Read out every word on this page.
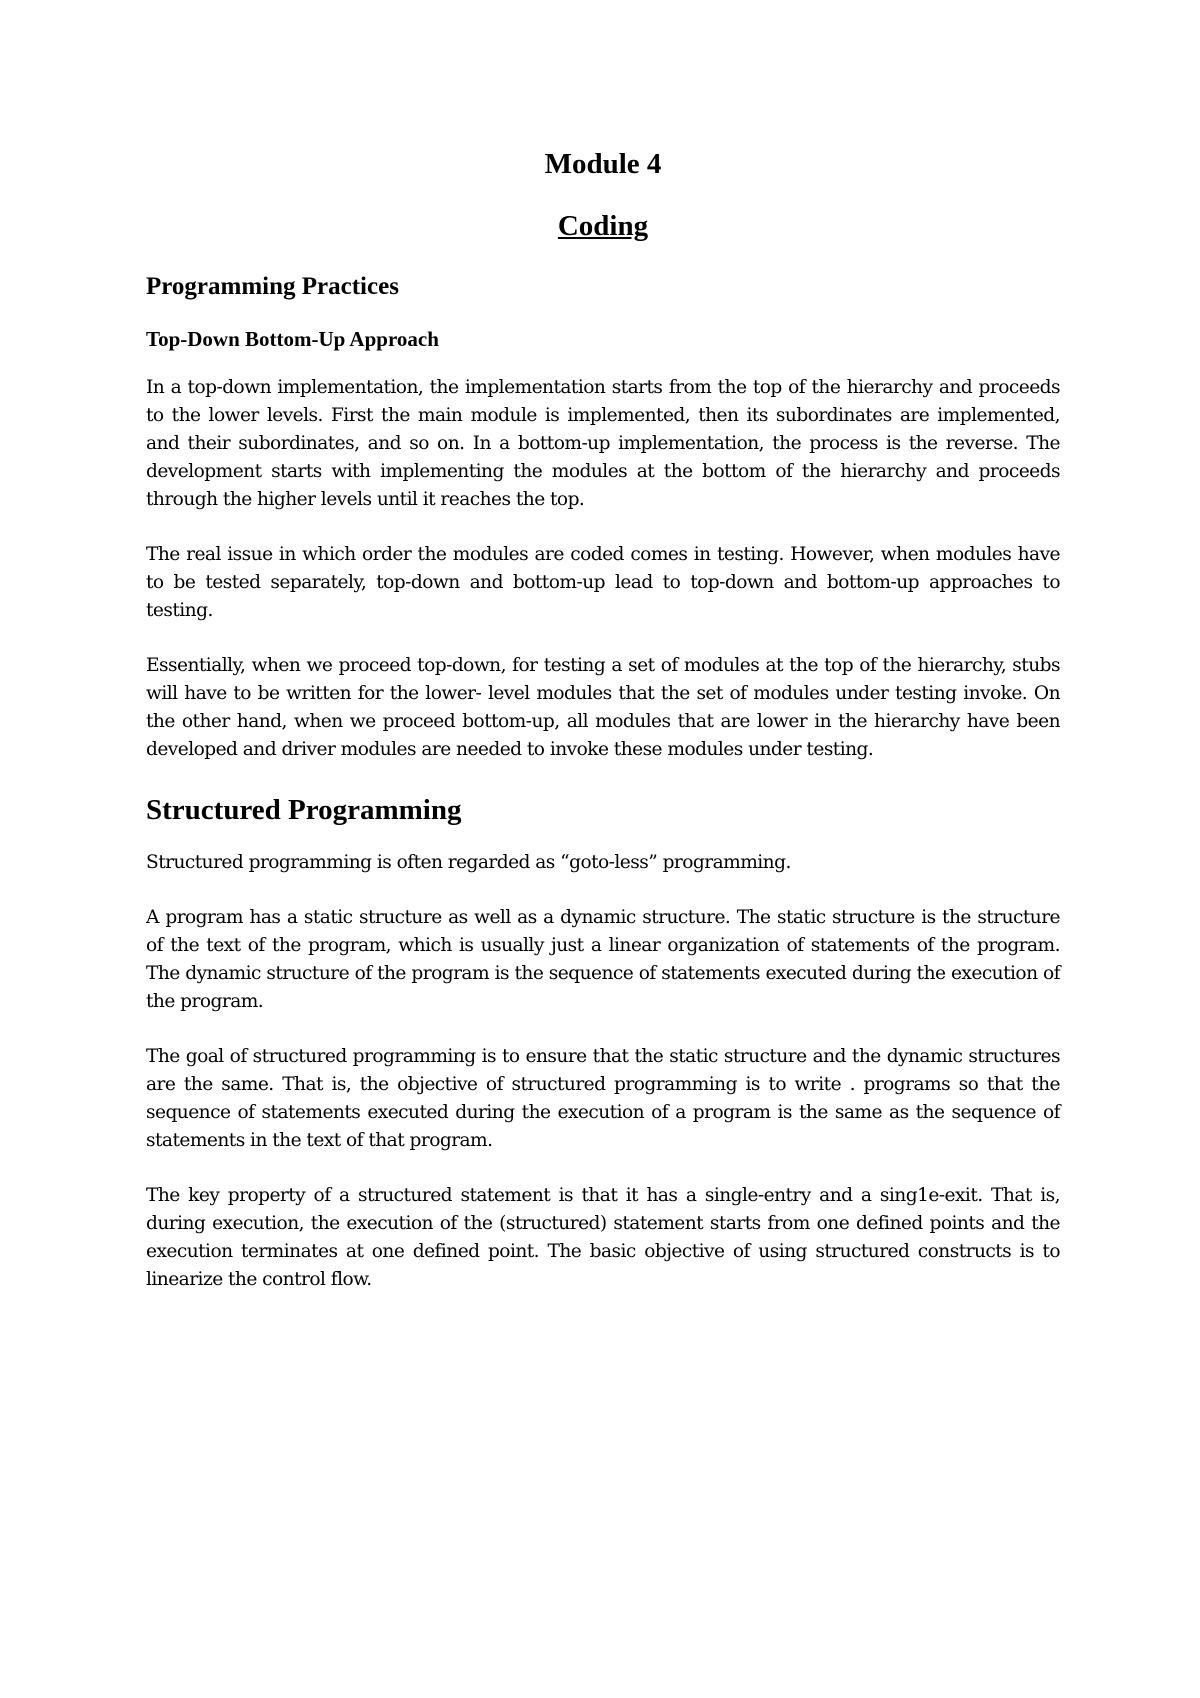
Module 4
Coding
Programming Practices
Top-Down Bottom-Up Approach

In a top-down implementation, the implementation starts from the top of the hierarchy and proceeds to the lower levels. First the main module is implemented, then its subordinates are implemented, and their subordinates, and so on. In a bottom-up implementation, the process is the reverse. The development starts with implementing the modules at the bottom of the hierarchy and proceeds through the higher levels until it reaches the top.

The real issue in which order the modules are coded comes in testing. However, when modules have to be tested separately, top-down and bottom-up lead to top-down and bottom-up approaches to testing.

Essentially, when we proceed top-down, for testing a set of modules at the top of the hierarchy, stubs will have to be written for the lower- level modules that the set of modules under testing invoke. On the other hand, when we proceed bottom-up, all modules that are lower in the hierarchy have been developed and driver modules are needed to invoke these modules under testing.

Structured Programming

Structured programming is often regarded as “goto-less” programming.

A program has a static structure as well as a dynamic structure. The static structure is the structure of the text of the program, which is usually just a linear organization of statements of the program. The dynamic structure of the program is the sequence of statements executed during the execution of the program.

The goal of structured programming is to ensure that the static structure and the dynamic structures are the same. That is, the objective of structured programming is to write . programs so that the sequence of statements executed during the execution of a program is the same as the sequence of statements in the text of that program.

The key property of a structured statement is that it has a single-entry and a sing1e-exit. That is, during execution, the execution of the (structured) statement starts from one defined points and the execution terminates at one defined point. The basic objective of using structured constructs is to linearize the control flow.
